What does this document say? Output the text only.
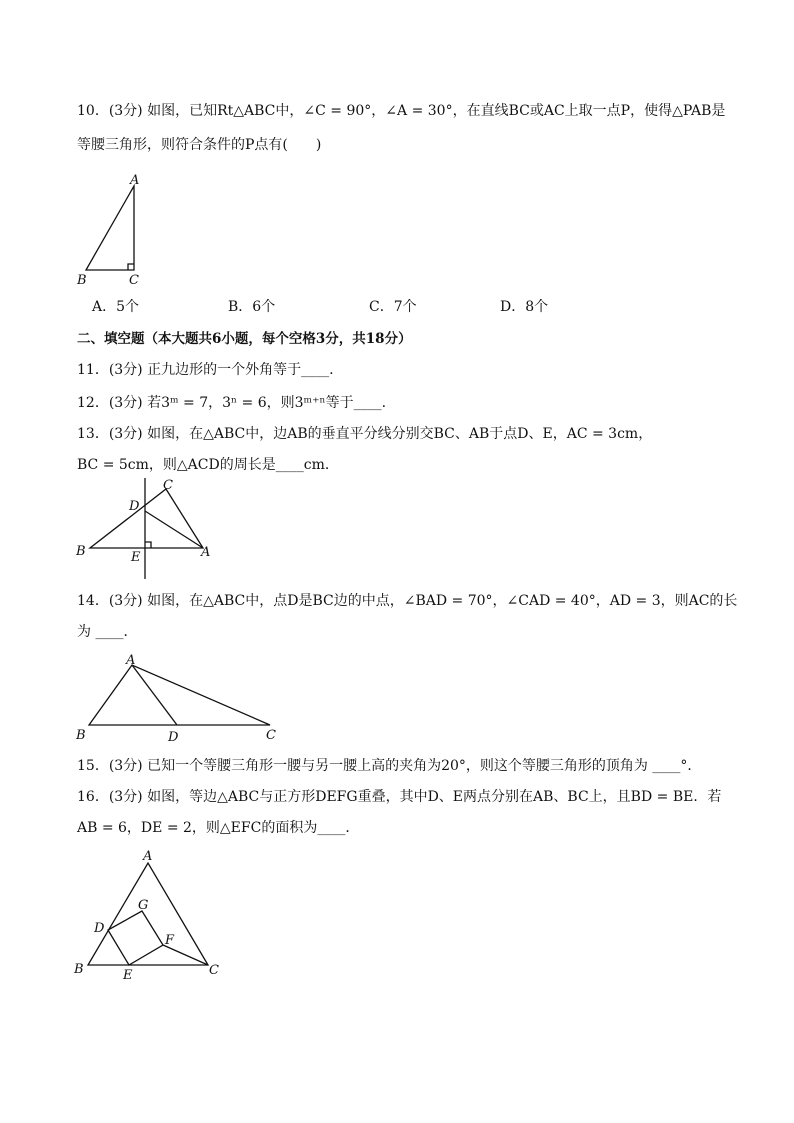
10．(3分) 如图，已知Rt△ABC中，∠C = 90°，∠A = 30°，在直线BC或AC上取一点P，使得△PAB是
等腰三角形，则符合条件的P点有(　　)
A
B	C
A．5个	B．6个	C．7个	D．8个
二、填空题（本大题共6小题，每个空格3分，共18分）
11．(3分) 正九边形的一个外角等于____.
12．(3分) 若3ᵐ = 7，3ⁿ = 6，则3ᵐ⁺ⁿ等于____.
13．(3分) 如图，在△ABC中，边AB的垂直平分线分别交BC、AB于点D、E，AC = 3cm，
BC = 5cm，则△ACD的周长是____cm．
C
D
B	E	A
14．(3分) 如图，在△ABC中，点D是BC边的中点，∠BAD = 70°，∠CAD = 40°，AD = 3，则AC的长
为 ____．
A
B	D	C
15．(3分) 已知一个等腰三角形一腰与另一腰上高的夹角为20°，则这个等腰三角形的顶角为 ____°．
16．(3分) 如图，等边△ABC与正方形DEFG重叠，其中D、E两点分别在AB、BC上，且BD = BE．若
AB = 6，DE = 2，则△EFC的面积为____．
A
G
D
F
B	E	C
